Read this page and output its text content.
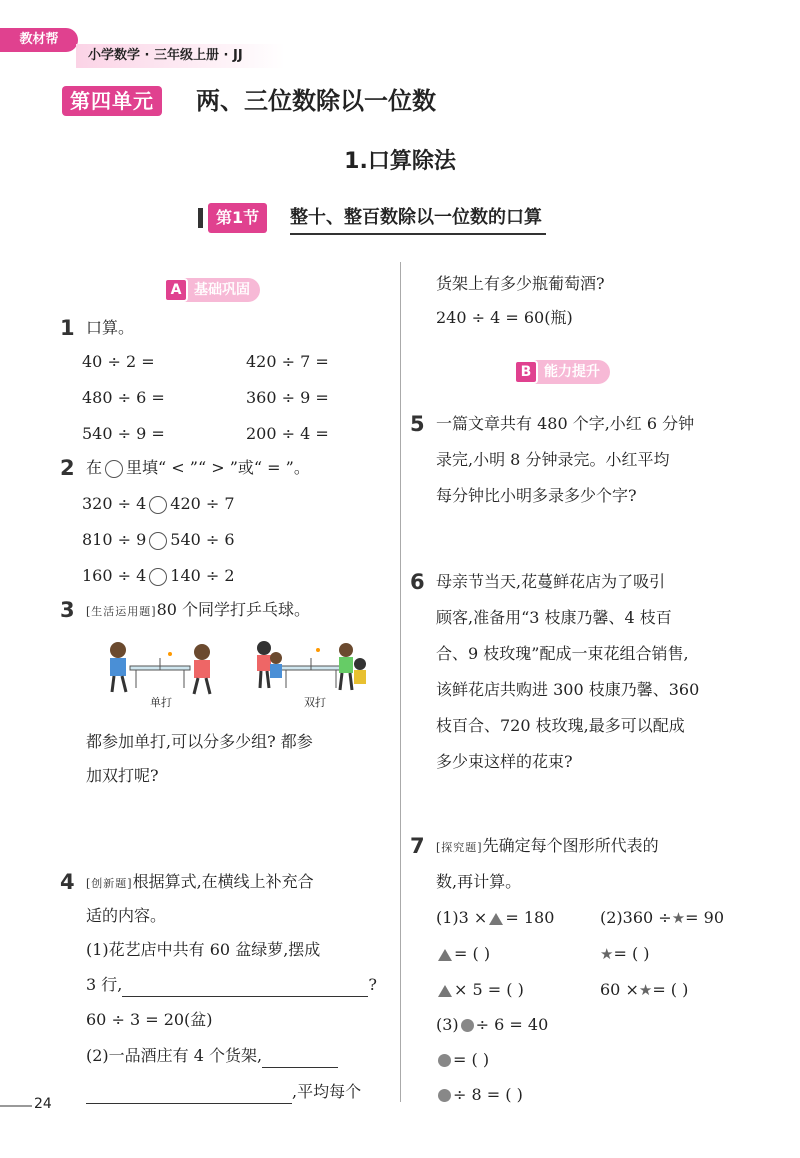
教材帮
小学数学 · 三年级上册 · JJ
第四单元	两、三位数除以一位数
1.口算除法
第1节	整十、整百数除以一位数的口算
A 基础巩固
1 口算。
40 ÷ 2 =	420 ÷ 7 =
480 ÷ 6 =	360 ÷ 9 =
540 ÷ 9 =	200 ÷ 4 =
2 在 里填“ < ”“ > ”或“ = ”。
320 ÷ 4 420 ÷ 7
810 ÷ 9 540 ÷ 6
160 ÷ 4 140 ÷ 2
3 [生活运用题]80 个同学打乒乓球。
单打	双打
都参加单打,可以分多少组? 都参
加双打呢?
4 [创新题]根据算式,在横线上补充合
适的内容。
(1)花艺店中共有 60 盆绿萝,摆成
3 行,	?
60 ÷ 3 = 20(盆)
(2)一品酒庄有 4 个货架,
,平均每个
货架上有多少瓶葡萄酒?
240 ÷ 4 = 60(瓶)
B 能力提升
5 一篇文章共有 480 个字,小红 6 分钟
录完,小明 8 分钟录完。小红平均
每分钟比小明多录多少个字?
6 母亲节当天,花蔓鲜花店为了吸引
顾客,准备用“3 枝康乃馨、4 枝百
合、9 枝玫瑰”配成一束花组合销售,
该鲜花店共购进 300 枝康乃馨、360
枝百合、720 枝玫瑰,最多可以配成
多少束这样的花束?
7 [探究题]先确定每个图形所代表的
数,再计算。
(1)3 × = 180	(2)360 ÷★= 90
= ( )	★= ( )
× 5 = ( )	60 ×★= ( )
(3) ÷ 6 = 40
= ( )
÷ 8 = ( )
24
